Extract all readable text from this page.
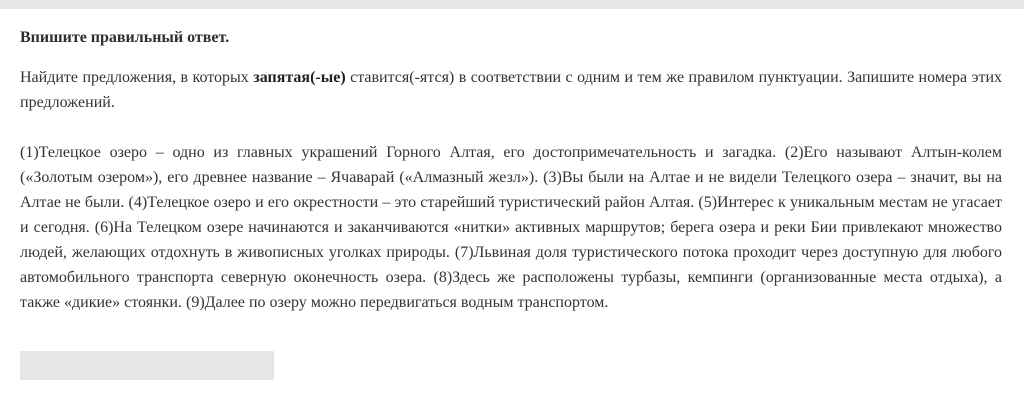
Впишите правильный ответ.

Найдите предложения, в которых запятая(-ые) ставится(-ятся) в соответствии с одним и тем же правилом пунктуации. Запишите номера этих предложений.

(1)Телецкое озеро – одно из главных украшений Горного Алтая, его достопримечательность и загадка. (2)Его называют Алтын-колем («Золотым озером»), его древнее название – Ячаварай («Алмазный жезл»). (3)Вы были на Алтае и не видели Телецкого озера – значит, вы на Алтае не были. (4)Телецкое озеро и его окрестности – это старейший туристический район Алтая. (5)Интерес к уникальным местам не угасает и сегодня. (6)На Телецком озере начинаются и заканчиваются «нитки» активных маршрутов; берега озера и реки Бии привлекают множество людей, желающих отдохнуть в живописных уголках природы. (7)Львиная доля туристического потока проходит через доступную для любого автомобильного транспорта северную оконечность озера. (8)Здесь же расположены турбазы, кемпинги (организованные места отдыха), а также «дикие» стоянки. (9)Далее по озеру можно передвигаться водным транспортом.
